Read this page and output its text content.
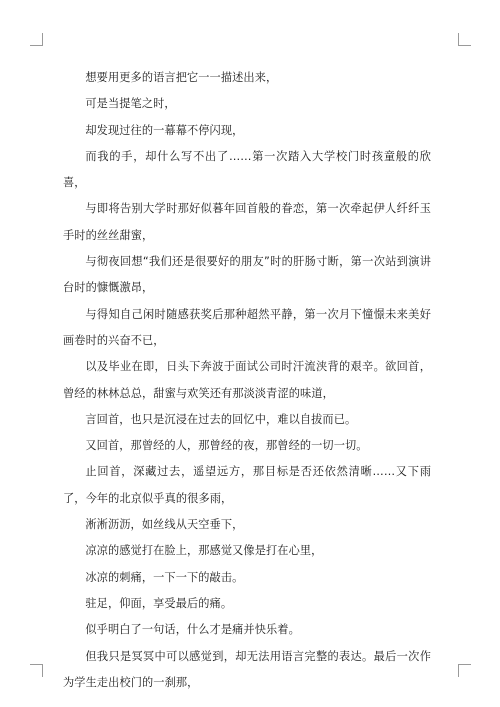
想要用更多的语言把它一一描述出来，

可是当提笔之时，

却发现过往的一幕幕不停闪现，

而我的手，却什么写不出了……第一次踏入大学校门时孩童般的欣喜，

与即将告别大学时那好似暮年回首般的眷恋，第一次牵起伊人纤纤玉手时的丝丝甜蜜，

与彻夜回想“我们还是很要好的朋友”时的肝肠寸断，第一次站到演讲台时的慷慨激昂，

与得知自己闲时随感获奖后那种超然平静，第一次月下憧憬未来美好画卷时的兴奋不已，

以及毕业在即，日头下奔波于面试公司时汗流浃背的艰辛。欲回首，曾经的林林总总，甜蜜与欢笑还有那淡淡青涩的味道，

言回首，也只是沉浸在过去的回忆中，难以自拔而已。

又回首，那曾经的人，那曾经的夜，那曾经的一切一切。

止回首，深藏过去，遥望远方，那目标是否还依然清晰……又下雨了，今年的北京似乎真的很多雨，

淅淅沥沥，如丝线从天空垂下，

凉凉的感觉打在脸上，那感觉又像是打在心里，

冰凉的刺痛，一下一下的敲击。

驻足，仰面，享受最后的痛。

似乎明白了一句话，什么才是痛并快乐着。

但我只是冥冥中可以感觉到，却无法用语言完整的表达。最后一次作为学生走出校门的一刹那，
